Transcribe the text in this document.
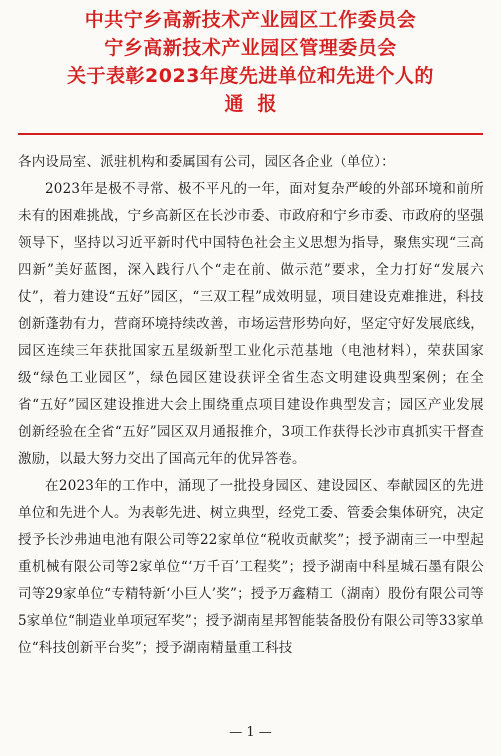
中共宁乡高新技术产业园区工作委员会
宁乡高新技术产业园区管理委员会
关于表彰2023年度先进单位和先进个人的
通报

各内设局室、派驻机构和委属国有公司，园区各企业（单位）：

2023年是极不寻常、极不平凡的一年，面对复杂严峻的外部环境和前所未有的困难挑战，宁乡高新区在长沙市委、市政府和宁乡市委、市政府的坚强领导下，坚持以习近平新时代中国特色社会主义思想为指导，聚焦实现“三高四新”美好蓝图，深入践行八个“走在前、做示范”要求，全力打好“发展六仗”，着力建设“五好”园区，“三双工程”成效明显，项目建设克难推进，科技创新蓬勃有力，营商环境持续改善，市场运营形势向好，坚定守好发展底线，园区连续三年获批国家五星级新型工业化示范基地（电池材料），荣获国家级“绿色工业园区”，绿色园区建设获评全省生态文明建设典型案例；在全省“五好”园区建设推进大会上围绕重点项目建设作典型发言；园区产业发展创新经验在全省“五好”园区双月通报推介，3项工作获得长沙市真抓实干督查激励，以最大努力交出了国高元年的优异答卷。

在2023年的工作中，涌现了一批投身园区、建设园区、奉献园区的先进单位和先进个人。为表彰先进、树立典型，经党工委、管委会集体研究，决定授予长沙弗迪电池有限公司等22家单位“税收贡献奖”；授予湖南三一中型起重机械有限公司等2家单位“‘万千百’工程奖”；授予湖南中科星城石墨有限公司等29家单位“专精特新‘小巨人’奖”；授予万鑫精工（湖南）股份有限公司等5家单位“制造业单项冠军奖”；授予湖南星邦智能装备股份有限公司等33家单位“科技创新平台奖”；授予湖南精量重工科技

— 1 —
